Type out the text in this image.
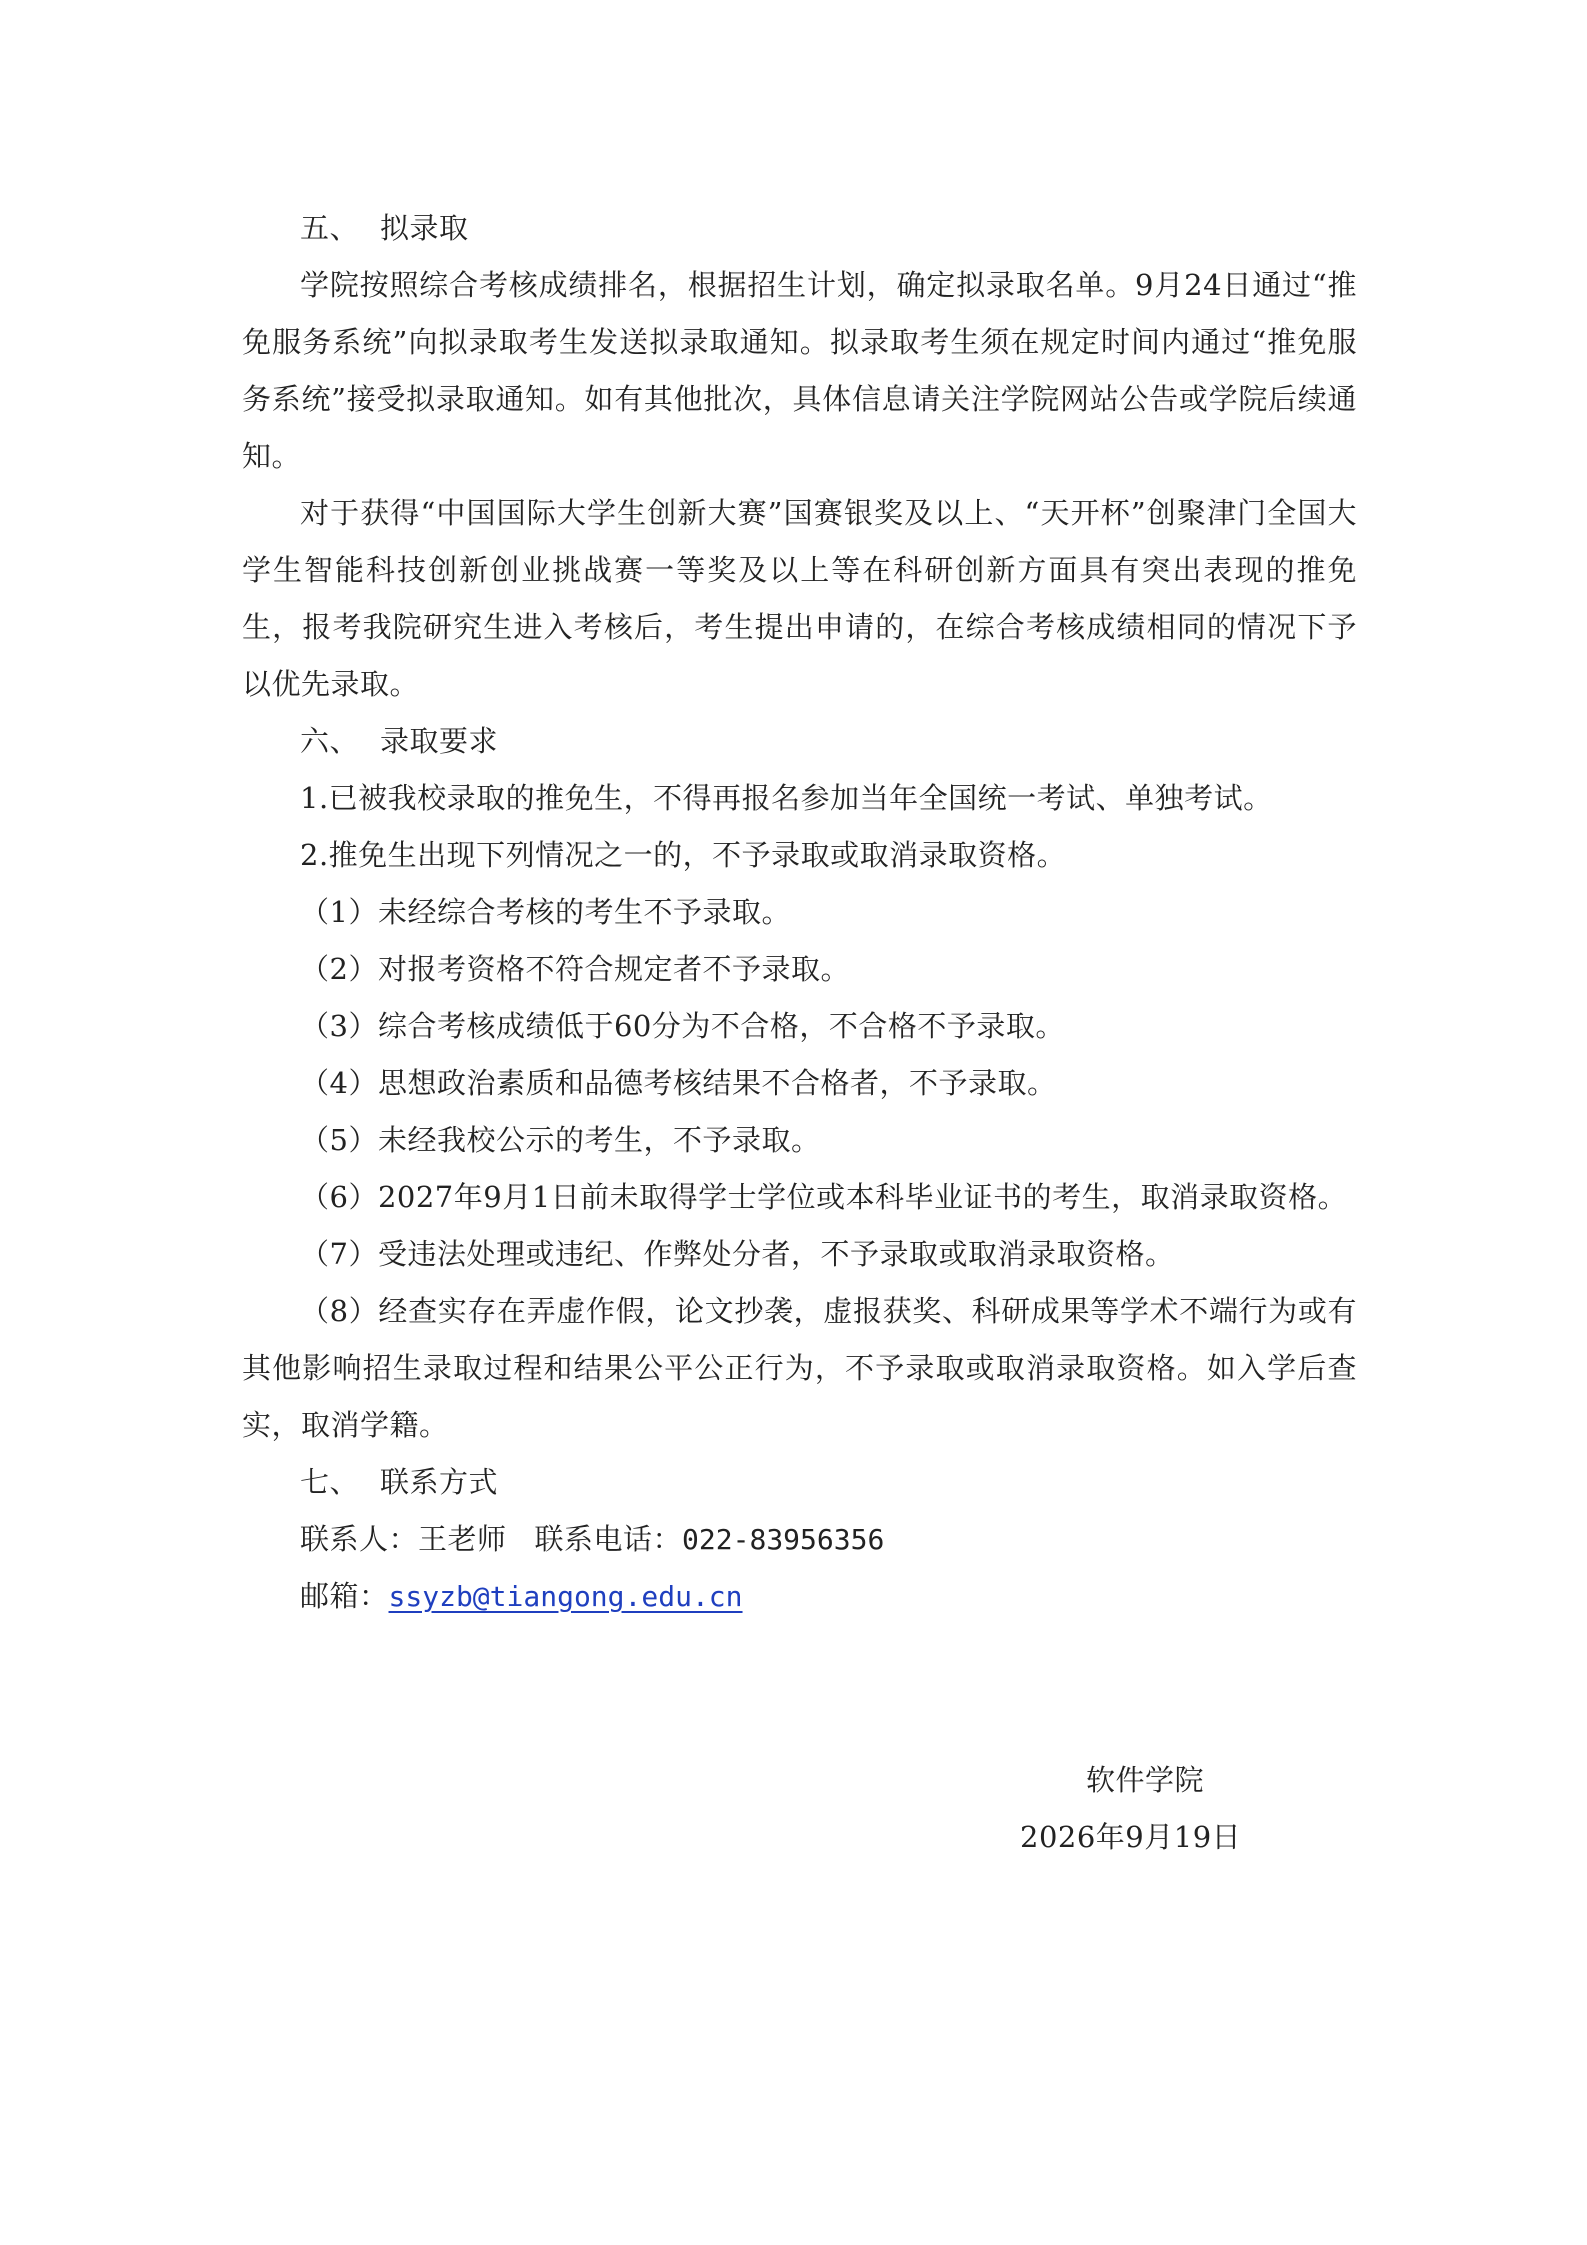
五、 拟录取

学院按照综合考核成绩排名，根据招生计划，确定拟录取名单。9月24日通过“推免服务系统”向拟录取考生发送拟录取通知。拟录取考生须在规定时间内通过“推免服务系统”接受拟录取通知。如有其他批次，具体信息请关注学院网站公告或学院后续通知。

对于获得“中国国际大学生创新大赛”国赛银奖及以上、“天开杯”创聚津门全国大学生智能科技创新创业挑战赛一等奖及以上等在科研创新方面具有突出表现的推免生，报考我院研究生进入考核后，考生提出申请的，在综合考核成绩相同的情况下予以优先录取。

六、 录取要求

1.已被我校录取的推免生，不得再报名参加当年全国统一考试、单独考试。

2.推免生出现下列情况之一的，不予录取或取消录取资格。

（1）未经综合考核的考生不予录取。

（2）对报考资格不符合规定者不予录取。

（3）综合考核成绩低于60分为不合格，不合格不予录取。

（4）思想政治素质和品德考核结果不合格者，不予录取。

（5）未经我校公示的考生，不予录取。

（6）2027年9月1日前未取得学士学位或本科毕业证书的考生，取消录取资格。

（7）受违法处理或违纪、作弊处分者，不予录取或取消录取资格。

（8）经查实存在弄虚作假，论文抄袭，虚报获奖、科研成果等学术不端行为或有其他影响招生录取过程和结果公平公正行为，不予录取或取消录取资格。如入学后查实，取消学籍。

七、 联系方式

联系人：王老师 联系电话：022-83956356

邮箱：ssyzb@tiangong.edu.cn

软件学院

2026年9月19日
